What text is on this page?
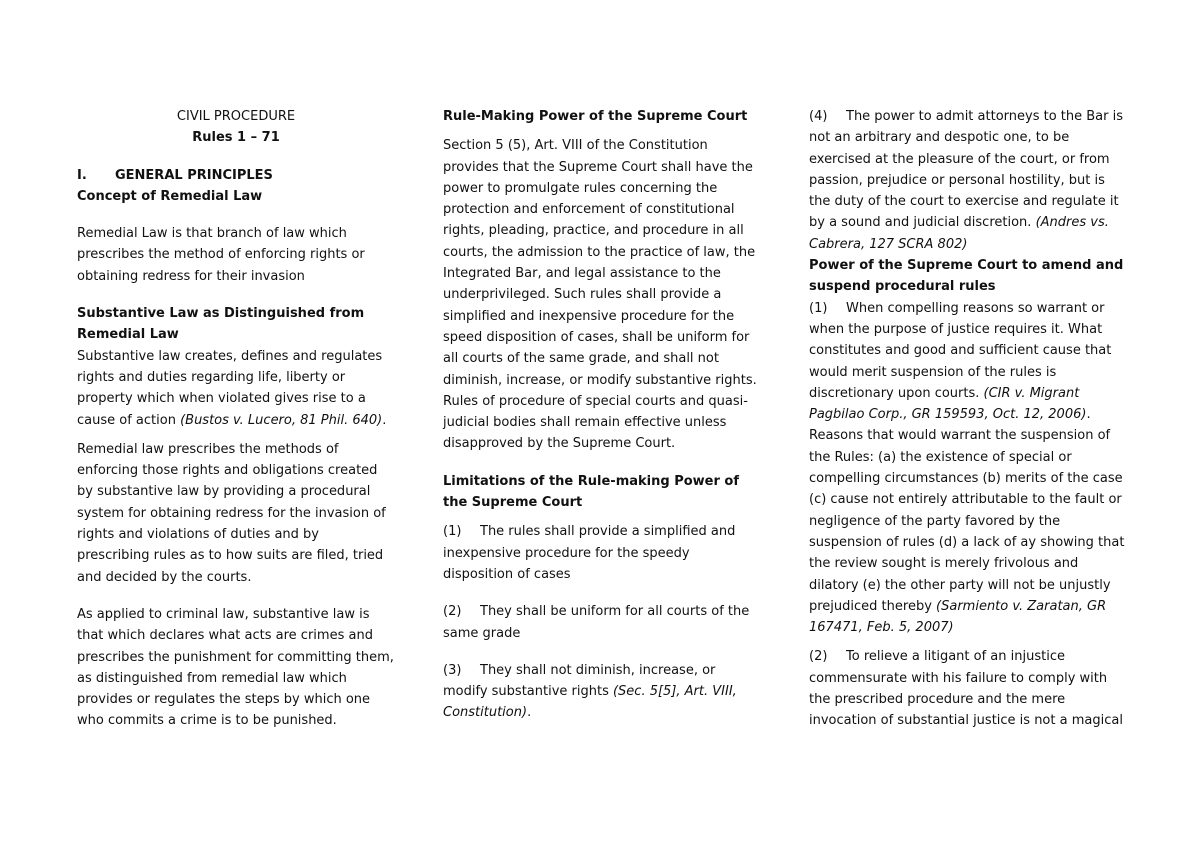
CIVIL PROCEDURE

Rules 1 – 71

I. GENERAL PRINCIPLES

Concept of Remedial Law

Remedial Law is that branch of law which prescribes the method of enforcing rights or obtaining redress for their invasion

Substantive Law as Distinguished from Remedial Law

Substantive law creates, defines and regulates rights and duties regarding life, liberty or property which when violated gives rise to a cause of action (Bustos v. Lucero, 81 Phil. 640).

Remedial law prescribes the methods of enforcing those rights and obligations created by substantive law by providing a procedural system for obtaining redress for the invasion of rights and violations of duties and by prescribing rules as to how suits are filed, tried and decided by the courts.

As applied to criminal law, substantive law is that which declares what acts are crimes and prescribes the punishment for committing them, as distinguished from remedial law which provides or regulates the steps by which one who commits a crime is to be punished.

Rule-Making Power of the Supreme Court

Section 5 (5), Art. VIII of the Constitution provides that the Supreme Court shall have the power to promulgate rules concerning the protection and enforcement of constitutional rights, pleading, practice, and procedure in all courts, the admission to the practice of law, the Integrated Bar, and legal assistance to the underprivileged. Such rules shall provide a simplified and inexpensive procedure for the speed disposition of cases, shall be uniform for all courts of the same grade, and shall not diminish, increase, or modify substantive rights. Rules of procedure of special courts and quasi-judicial bodies shall remain effective unless disapproved by the Supreme Court.

Limitations of the Rule-making Power of the Supreme Court

(1) The rules shall provide a simplified and inexpensive procedure for the speedy disposition of cases

(2) They shall be uniform for all courts of the same grade

(3) They shall not diminish, increase, or modify substantive rights (Sec. 5[5], Art. VIII, Constitution).

(4) The power to admit attorneys to the Bar is not an arbitrary and despotic one, to be exercised at the pleasure of the court, or from passion, prejudice or personal hostility, but is the duty of the court to exercise and regulate it by a sound and judicial discretion. (Andres vs. Cabrera, 127 SCRA 802)

Power of the Supreme Court to amend and suspend procedural rules

(1) When compelling reasons so warrant or when the purpose of justice requires it. What constitutes and good and sufficient cause that would merit suspension of the rules is discretionary upon courts. (CIR v. Migrant Pagbilao Corp., GR 159593, Oct. 12, 2006).

Reasons that would warrant the suspension of the Rules: (a) the existence of special or compelling circumstances (b) merits of the case (c) cause not entirely attributable to the fault or negligence of the party favored by the suspension of rules (d) a lack of ay showing that the review sought is merely frivolous and dilatory (e) the other party will not be unjustly prejudiced thereby (Sarmiento v. Zaratan, GR 167471, Feb. 5, 2007)

(2) To relieve a litigant of an injustice commensurate with his failure to comply with the prescribed procedure and the mere invocation of substantial justice is not a magical
